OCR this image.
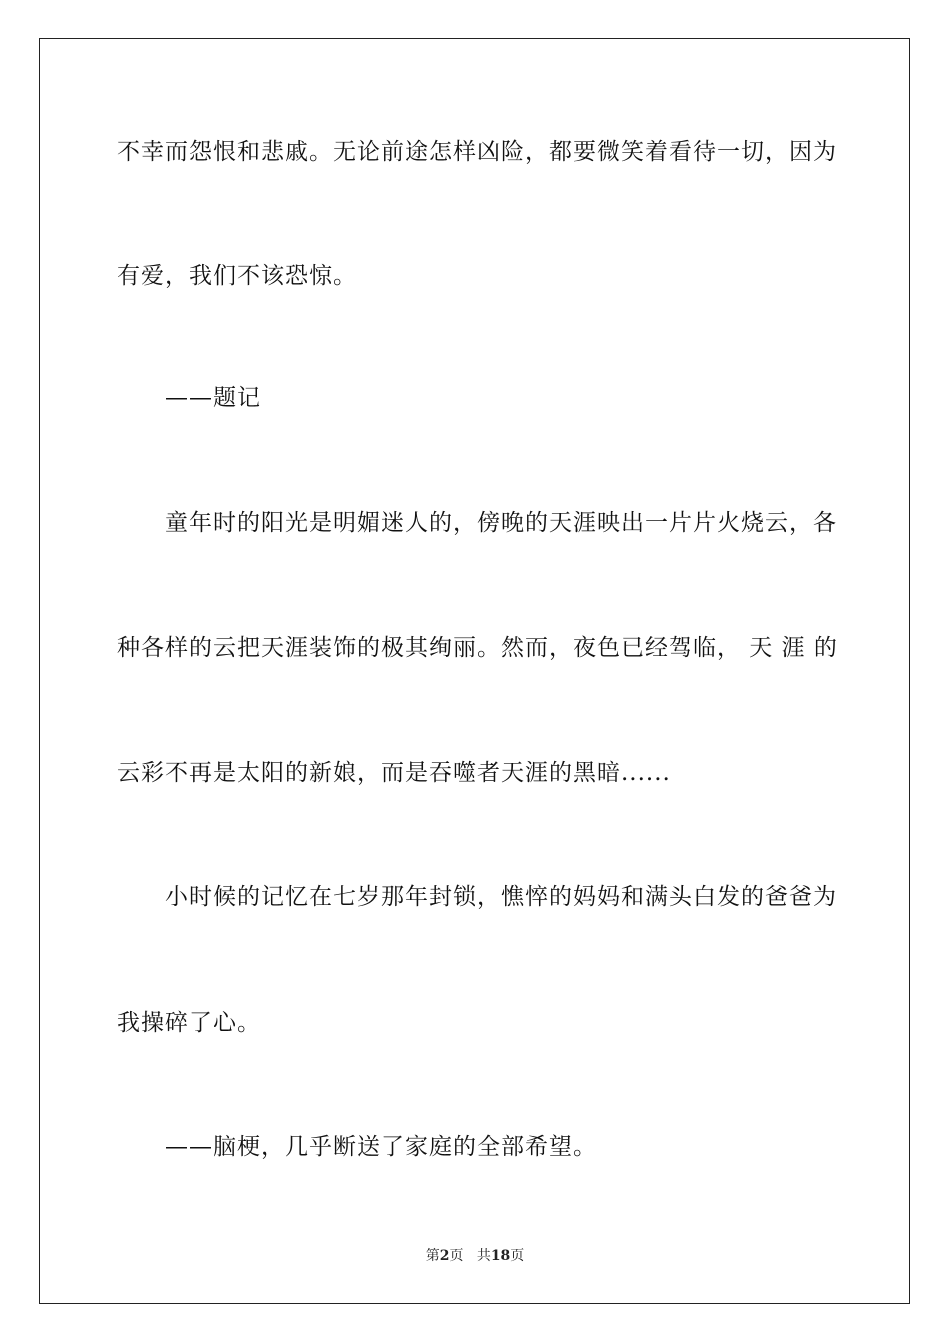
不幸而怨恨和悲戚。无论前途怎样凶险，都要微笑着看待一切，因为
有爱，我们不该恐惊。
——题记
童年时的阳光是明媚迷人的，傍晚的天涯映出一片片火烧云，各
种各样的云把天涯装饰的极其绚丽。然而，夜色已经驾临， 天 涯 的
云彩不再是太阳的新娘，而是吞噬者天涯的黑暗......
小时候的记忆在七岁那年封锁，憔悴的妈妈和满头白发的爸爸为
我操碎了心。
——脑梗，几乎断送了家庭的全部希望。
第2页 共18页
